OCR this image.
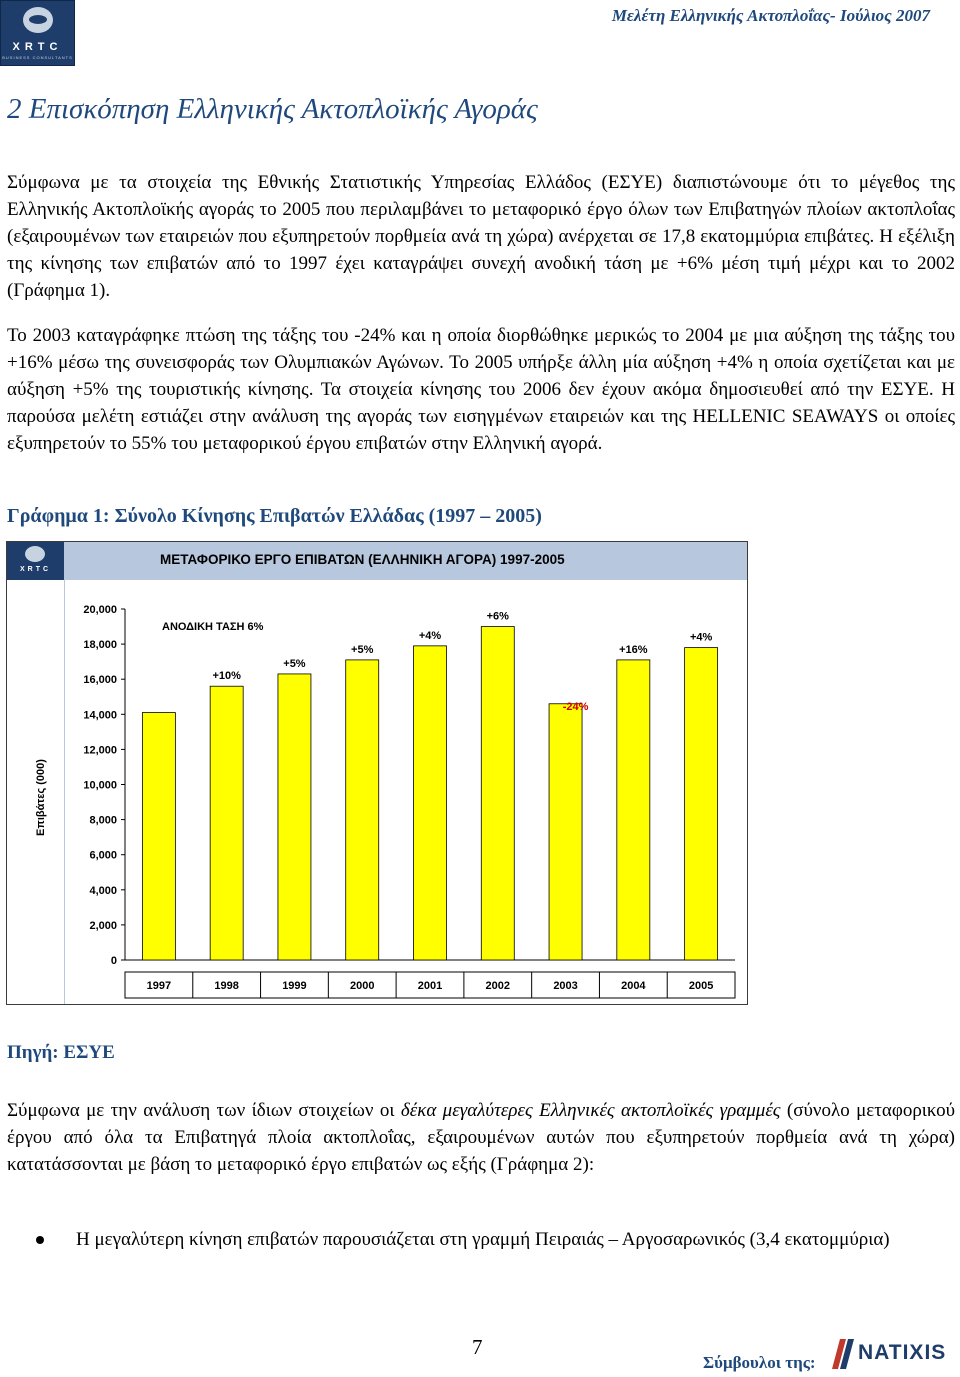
XRTC
BUSINESS CONSULTANTS
Μελέτη Ελληνικής Ακτοπλοΐας- Ιούλιος 2007
2 Επισκόπηση Ελληνικής Ακτοπλοϊκής Αγοράς

Σύμφωνα με τα στοιχεία της Εθνικής Στατιστικής Υπηρεσίας Ελλάδος (ΕΣΥΕ) διαπιστώνουμε ότι το μέγεθος της Ελληνικής Ακτοπλοϊκής αγοράς το 2005 που περιλαμβάνει το μεταφορικό έργο όλων των Επιβατηγών πλοίων ακτοπλοΐας (εξαιρουμένων των εταιρειών που εξυπηρετούν πορθμεία ανά τη χώρα) ανέρχεται σε 17,8 εκατομμύρια επιβάτες. Η εξέλιξη της κίνησης των επιβατών από το 1997 έχει καταγράψει συνεχή ανοδική τάση με +6% μέση τιμή μέχρι και το 2002 (Γράφημα 1).

Το 2003 καταγράφηκε πτώση της τάξης του -24% και η οποία διορθώθηκε μερικώς το 2004 με μια αύξηση της τάξης του +16% μέσω της συνεισφοράς των Ολυμπιακών Αγώνων. Το 2005 υπήρξε άλλη μία αύξηση +4% η οποία σχετίζεται και με αύξηση +5% της τουριστικής κίνησης. Τα στοιχεία κίνησης του 2006 δεν έχουν ακόμα δημοσιευθεί από την ΕΣΥΕ. Η παρούσα μελέτη εστιάζει στην ανάλυση της αγοράς των εισηγμένων εταιρειών και της HELLENIC SEAWAYS οι οποίες εξυπηρετούν το 55% του μεταφορικού έργου επιβατών στην Ελληνική αγορά.

Γράφημα 1: Σύνολο Κίνησης Επιβατών Ελλάδας (1997 – 2005)

XRTC
ΜΕΤΑΦΟΡΙΚΟ ΕΡΓΟ ΕΠΙΒΑΤΩΝ (ΕΛΛΗΝΙΚΗ ΑΓΟΡΑ) 1997-2005
0
2,000
4,000
6,000
8,000
10,000
12,000
14,000
16,000
18,000
20,000
Επιβάτες (000)
1997	1998
+10%
1999
+5%
2000
+5%
2001
+4%
2002
+6%
2003
-24%
2004
+16%
2005
+4%
ΑΝΟΔΙΚΗ ΤΑΣΗ 6%

Πηγή: ΕΣΥΕ

Σύμφωνα με την ανάλυση των ίδιων στοιχείων οι δέκα μεγαλύτερες Ελληνικές ακτοπλοϊκές γραμμές (σύνολο μεταφορικού έργου από όλα τα Επιβατηγά πλοία ακτοπλοΐας, εξαιρουμένων αυτών που εξυπηρετούν πορθμεία ανά τη χώρα) κατατάσσονται με βάση το μεταφορικό έργο επιβατών ως εξής (Γράφημα 2):

Η μεγαλύτερη κίνηση επιβατών παρουσιάζεται στη γραμμή Πειραιάς – Αργοσαρωνικός (3,4 εκατομμύρια)

7
Σύμβουλοι της: NATIXIS
